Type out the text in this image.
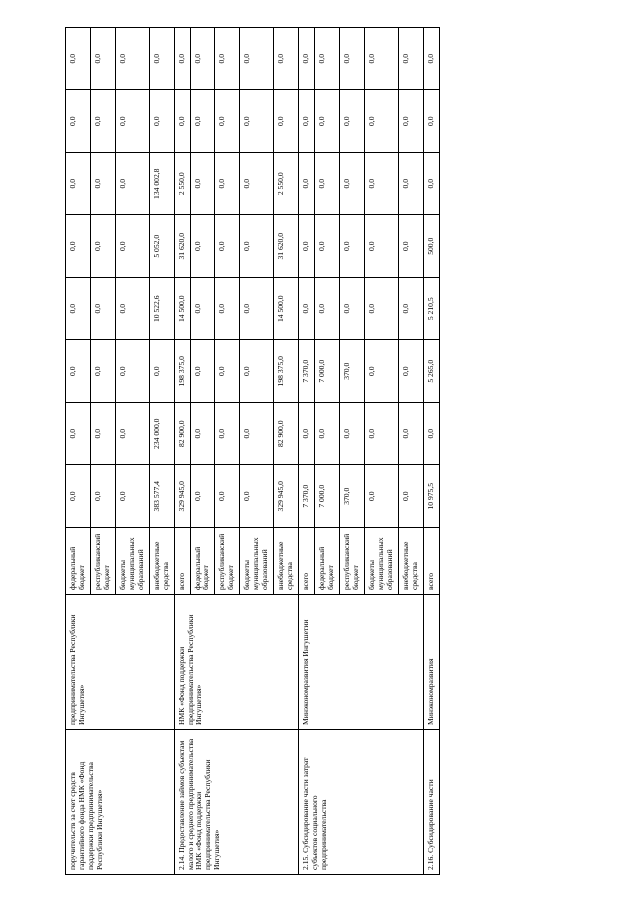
поручительств за счет средств гарантийного фонда НМК «Фонд поддержки предпринимательства Республики Ингушетия»	предпринимательства Республики Ингушетия»	федеральный бюджет	0,0	0,0	0,0	0,0	0,0	0,0	0,0	0,0
		республиканский бюджет	0,0	0,0	0,0	0,0	0,0	0,0	0,0	0,0
		бюджеты муниципальных образований	0,0	0,0	0,0	0,0	0,0	0,0	0,0	0,0
		внебюджетные средства	383 577,4	234 000,0	0,0	10 522,6	5 052,0	134 002,8	0,0	0,0
2.14. Предоставление займов субъектам малого и среднего предпринимательства НМК «Фонд поддержки предпринимательства Республики Ингушетия»	НМК «Фонд поддержки предпринимательства Республики Ингушетия»	всего	329 945,0	82 900,0	198 375,0	14 500,0	31 620,0	2 550,0	0,0	0,0
		федеральный бюджет	0,0	0,0	0,0	0,0	0,0	0,0	0,0	0,0
		республиканский бюджет	0,0	0,0	0,0	0,0	0,0	0,0	0,0	0,0
		бюджеты муниципальных образований	0,0	0,0	0,0	0,0	0,0	0,0	0,0	0,0
		внебюджетные средства	329 945,0	82 900,0	198 375,0	14 500,0	31 620,0	2 550,0	0,0	0,0
2.15. Субсидирование части затрат субъектов социального предпринимательства	Минэкономразвития Ингушетии	всего	7 370,0	0,0	7 370,0	0,0	0,0	0,0	0,0	0,0
		федеральный бюджет	7 000,0	0,0	7 000,0	0,0	0,0	0,0	0,0	0,0
		республиканский бюджет	370,0	0,0	370,0	0,0	0,0	0,0	0,0	0,0
		бюджеты муниципальных образований	0,0	0,0	0,0	0,0	0,0	0,0	0,0	0,0
		внебюджетные средства	0,0	0,0	0,0	0,0	0,0	0,0	0,0	0,0
2.16. Субсидирование части	Минэкономразвития	всего	10 975,5	0,0	5 265,0	5 210,5	500,0	0,0	0,0	0,0
